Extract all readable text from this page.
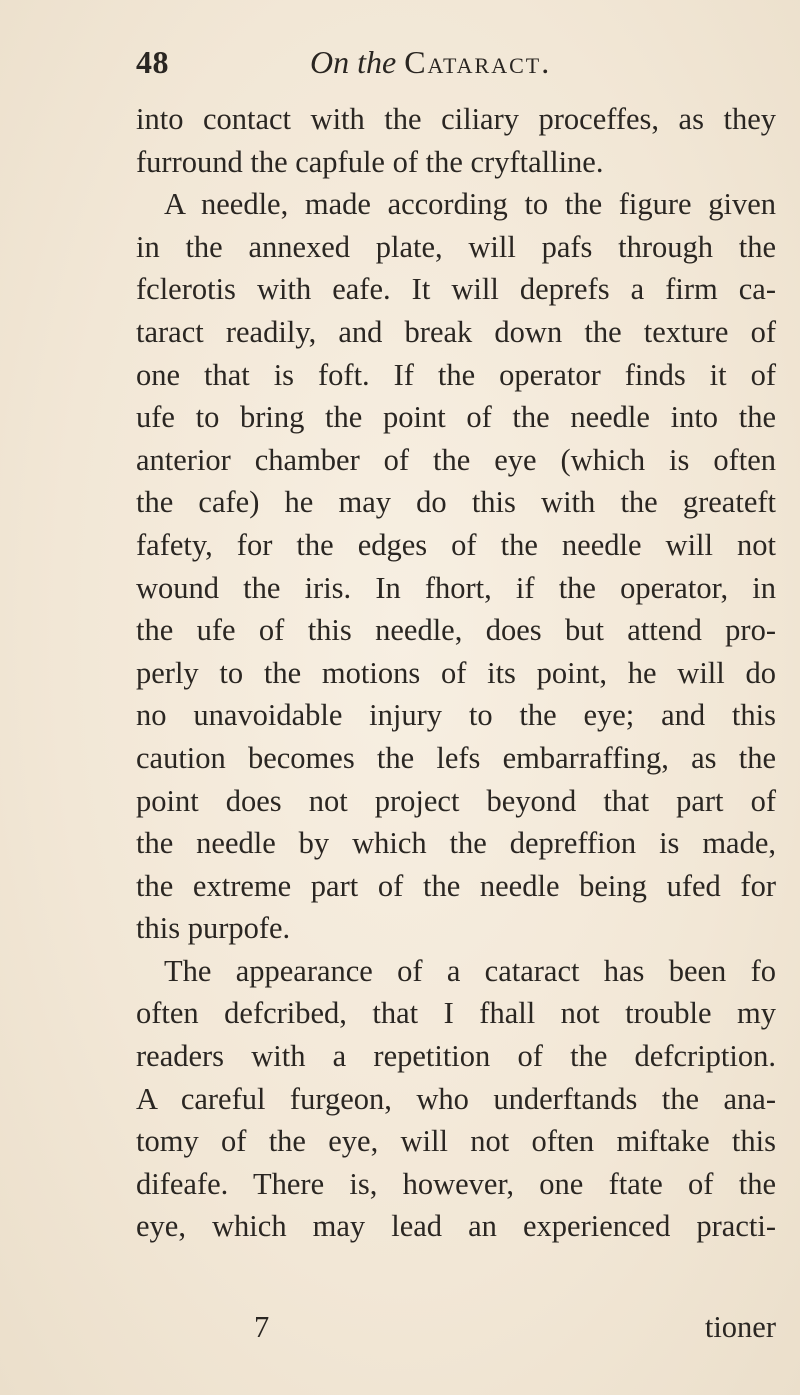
48	On the Cataract.
into contact with the ciliary proceffes, as they
furround the capfule of the cryftalline.
A needle, made according to the figure given
in the annexed plate, will pafs through the
fclerotis with eafe. It will deprefs a firm ca-
taract readily, and break down the texture of
one that is foft. If the operator finds it of
ufe to bring the point of the needle into the
anterior chamber of the eye (which is often
the cafe) he may do this with the greateft
fafety, for the edges of the needle will not
wound the iris. In fhort, if the operator, in
the ufe of this needle, does but attend pro-
perly to the motions of its point, he will do
no unavoidable injury to the eye; and this
caution becomes the lefs embarraffing, as the
point does not project beyond that part of
the needle by which the depreffion is made,
the extreme part of the needle being ufed for
this purpofe.
The appearance of a cataract has been fo
often defcribed, that I fhall not trouble my
readers with a repetition of the defcription.
A careful furgeon, who underftands the ana-
tomy of the eye, will not often miftake this
difeafe. There is, however, one ftate of the
eye, which may lead an experienced practi-
7	tioner
